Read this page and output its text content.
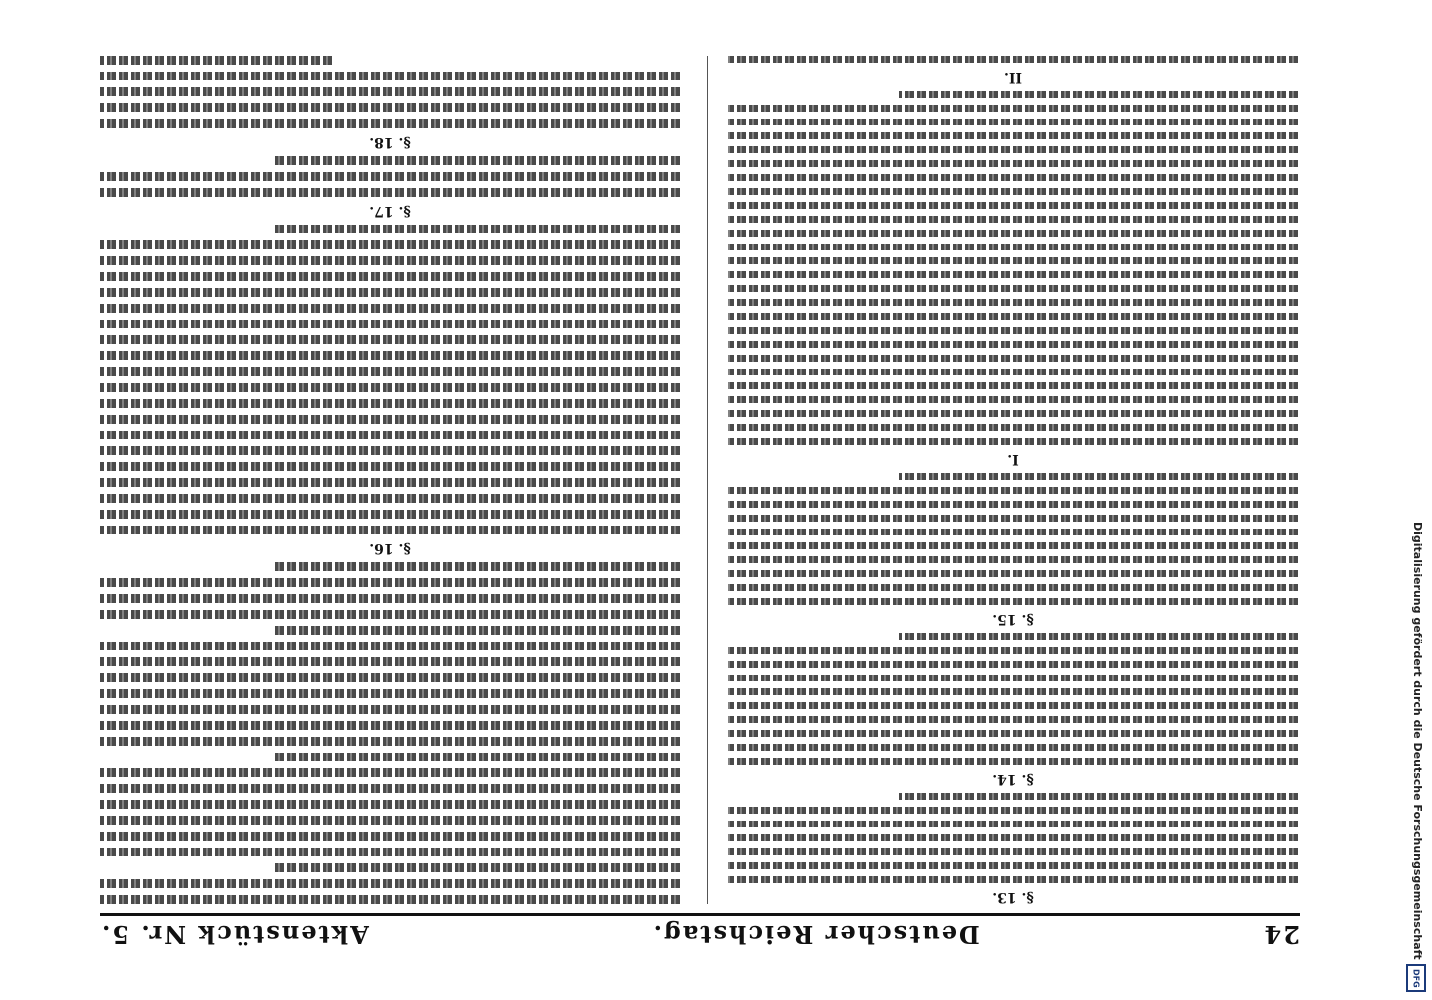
24
Deutscher Reichstag.
Aktenstück Nr. 5.
§. 13.
§. 14.
§. 15.
I.
II.
§. 16.
§. 17.
§. 18.
Digitalisierung gefördert durch die Deutsche Forschungsgemeinschaft
DFG
